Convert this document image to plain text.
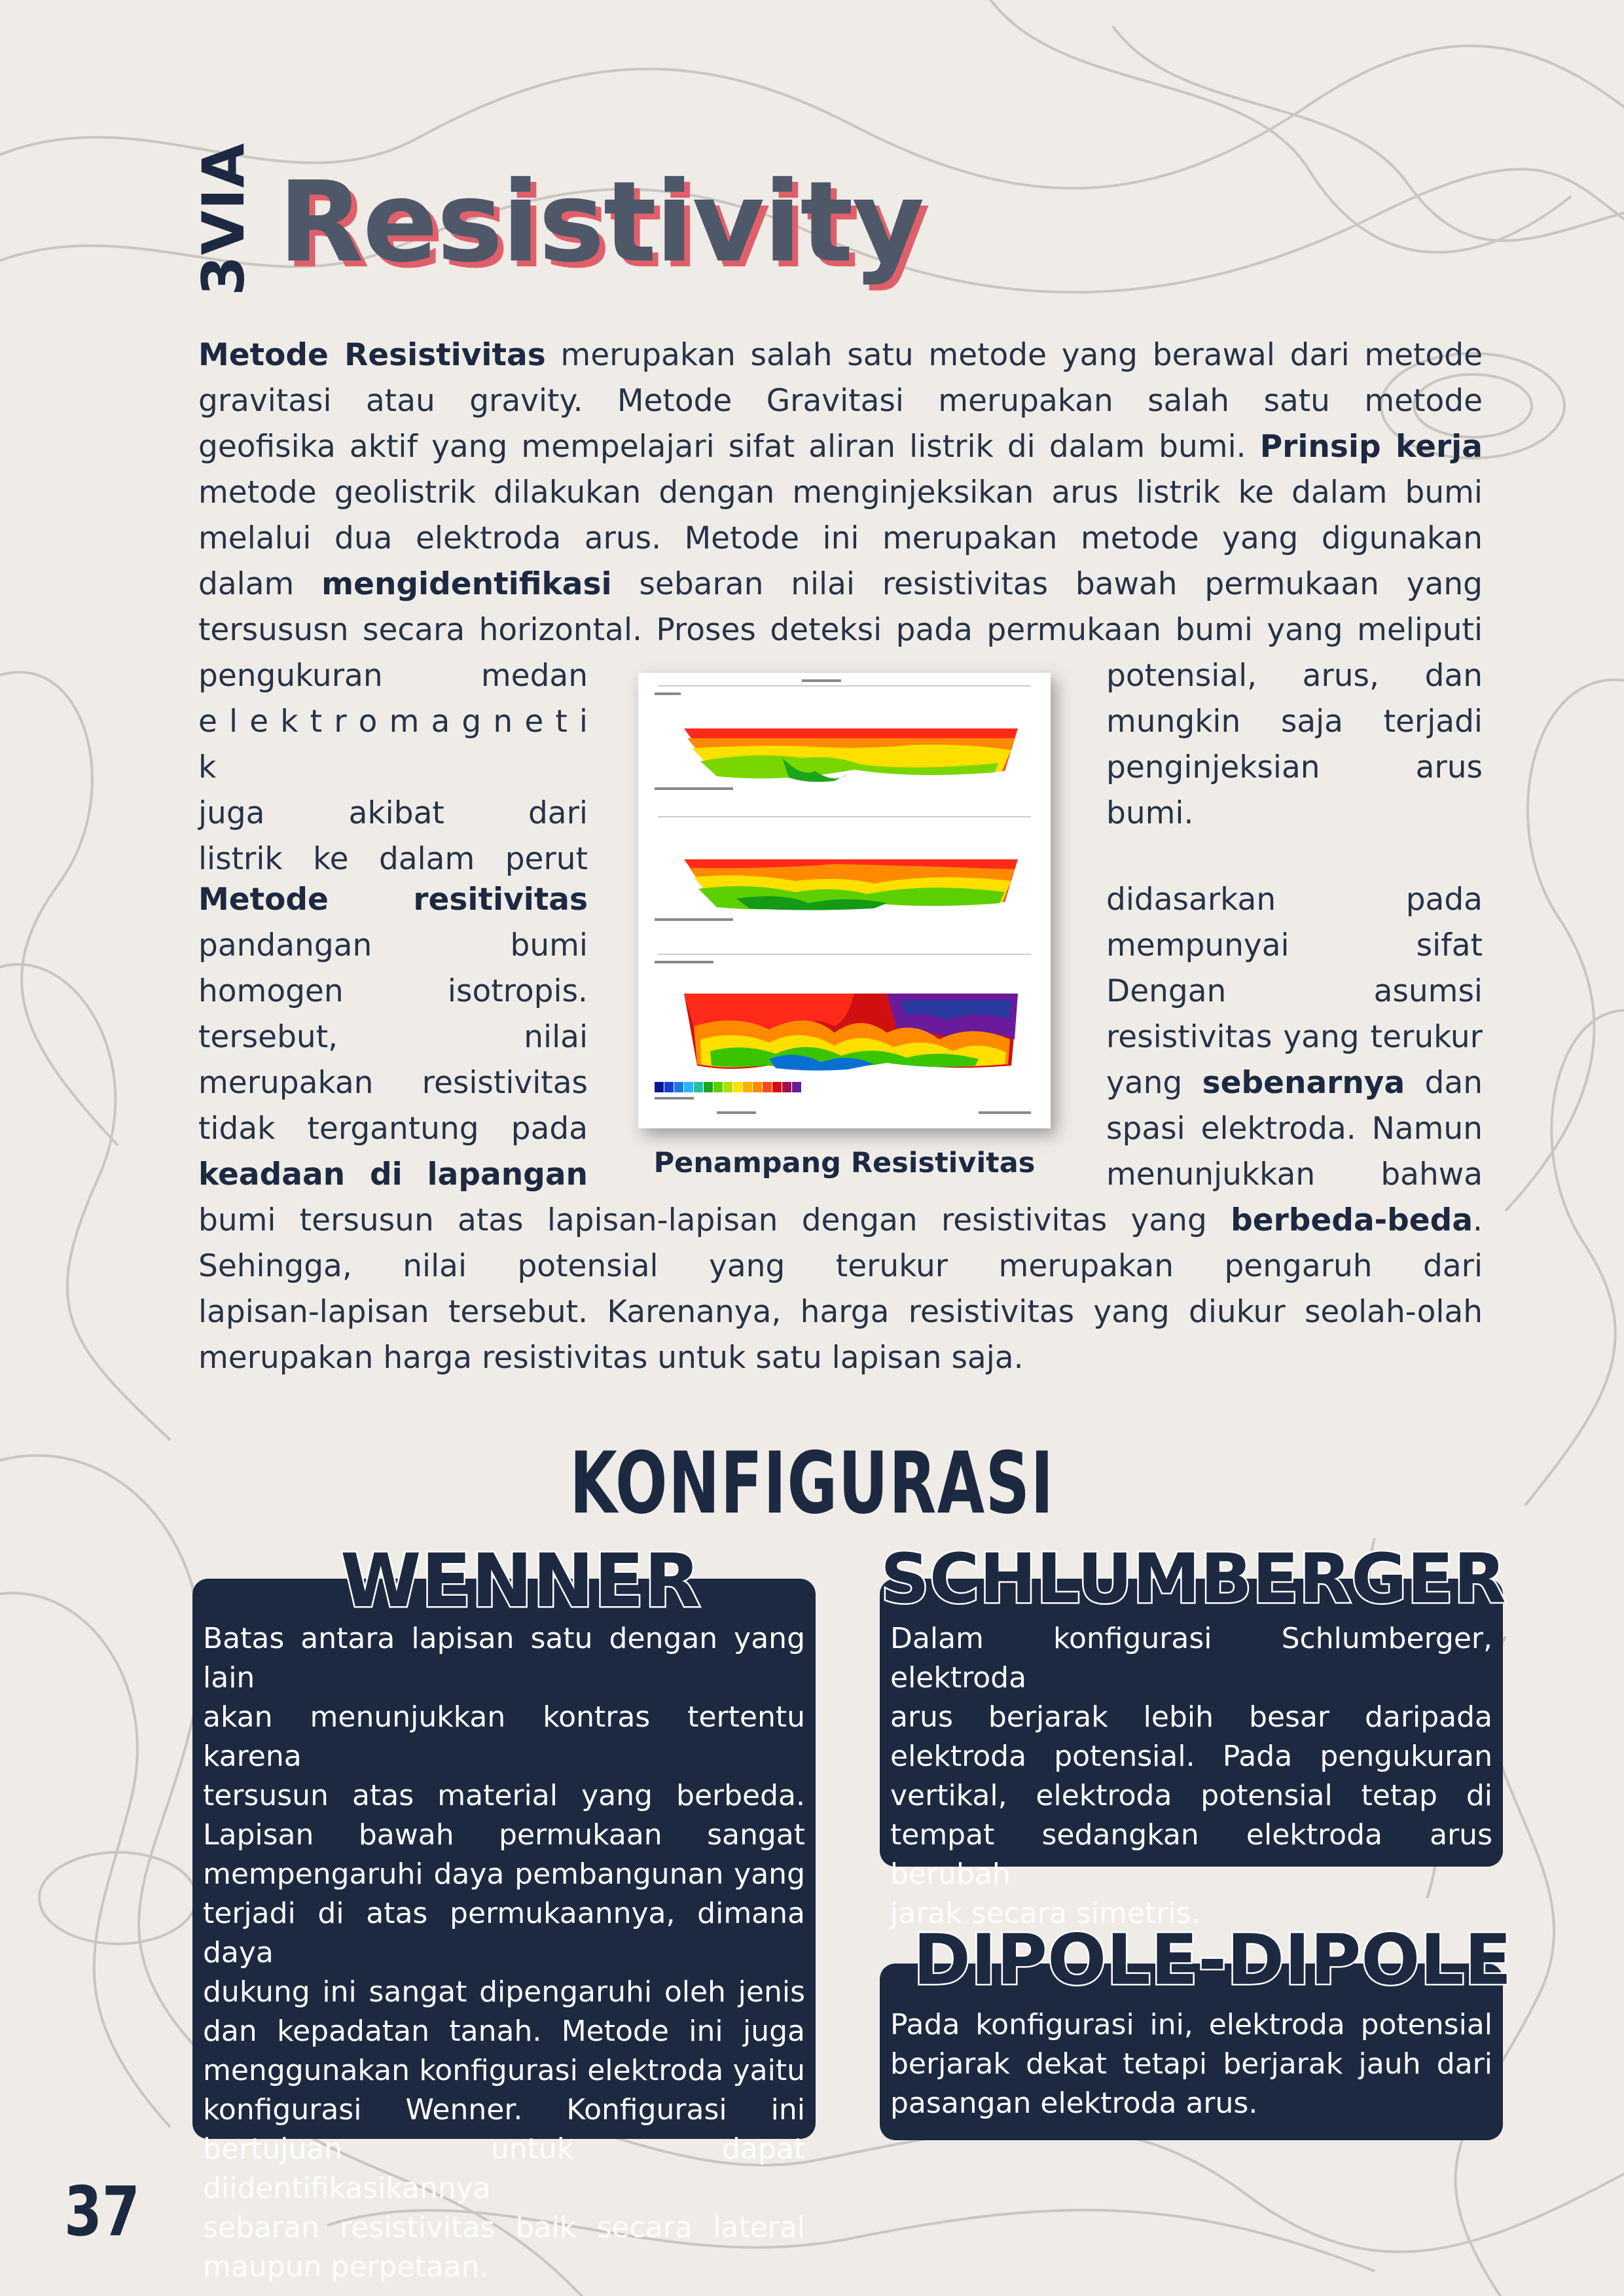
3VIA Resistivity

Metode Resistivitas merupakan salah satu metode yang berawal dari metode
gravitasi atau gravity. Metode Gravitasi merupakan salah satu metode
geofisika aktif yang mempelajari sifat aliran listrik di dalam bumi. Prinsip kerja
metode geolistrik dilakukan dengan menginjeksikan arus listrik ke dalam bumi
melalui dua elektroda arus. Metode ini merupakan metode yang digunakan
dalam mengidentifikasi sebaran nilai resistivitas bawah permukaan yang
tersususn secara horizontal. Proses deteksi pada permukaan bumi yang meliputi

pengukuran medan
e l e k t r o m a g n e t i k
juga akibat dari
listrik ke dalam perut

potensial, arus, dan
mungkin saja terjadi
penginjeksian arus
bumi.

Metode resitivitas
pandangan bumi
homogen isotropis.
tersebut, nilai
merupakan resistivitas
tidak tergantung pada
keadaan di lapangan

didasarkan pada
mempunyai sifat
Dengan asumsi
resistivitas yang terukur
yang sebenarnya dan
spasi elektroda. Namun
menunjukkan bahwa

bumi tersusun atas lapisan-lapisan dengan resistivitas yang berbeda-beda.
Sehingga, nilai potensial yang terukur merupakan pengaruh dari
lapisan-lapisan tersebut. Karenanya, harga resistivitas yang diukur seolah-olah
merupakan harga resistivitas untuk satu lapisan saja.

Penampang Resistivitas
KONFIGURASI
Batas antara lapisan satu dengan yang lain
akan menunjukkan kontras tertentu karena
tersusun atas material yang berbeda.
Lapisan bawah permukaan sangat
mempengaruhi daya pembangunan yang
terjadi di atas permukaannya, dimana daya
dukung ini sangat dipengaruhi oleh jenis
dan kepadatan tanah. Metode ini juga
menggunakan konfigurasi elektroda yaitu
konfigurasi Wenner. Konfigurasi ini
bertujuan untuk dapat diidentifikasikannya
sebaran resistivitas baik secara lateral
maupun perpetaan.
WENNER
Dalam konfigurasi Schlumberger, elektroda
arus berjarak lebih besar daripada
elektroda potensial. Pada pengukuran
vertikal, elektroda potensial tetap di
tempat sedangkan elektroda arus berubah
jarak secara simetris.
SCHLUMBERGER
Pada konfigurasi ini, elektroda potensial
berjarak dekat tetapi berjarak jauh dari
pasangan elektroda arus.
DIPOLE-DIPOLE
37
